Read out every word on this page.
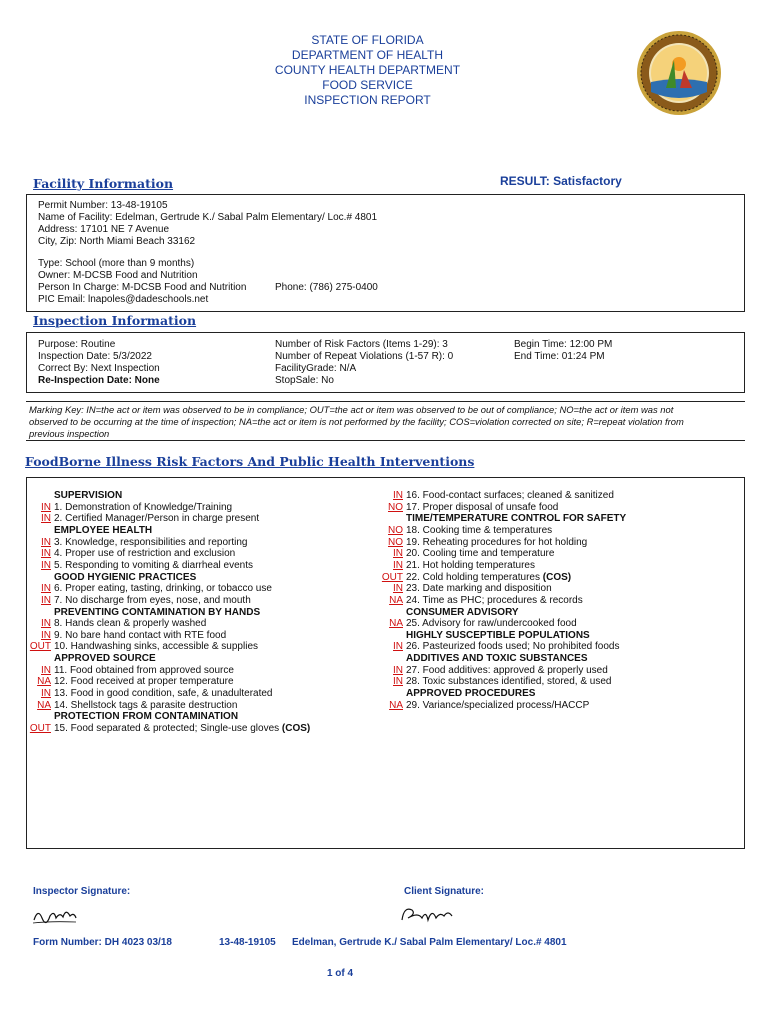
STATE OF FLORIDA
DEPARTMENT OF HEALTH
COUNTY HEALTH DEPARTMENT
FOOD SERVICE
INSPECTION REPORT
Facility Information	RESULT: Satisfactory
Permit Number: 13-48-19105
Name of Facility: Edelman, Gertrude K./ Sabal Palm Elementary/ Loc.# 4801
Address: 17101 NE 7 Avenue
City, Zip: North Miami Beach 33162
Type: School (more than 9 months)
Owner: M-DCSB Food and Nutrition
Person In Charge: M-DCSB Food and Nutrition
PIC Email: lnapoles@dadeschools.net
Phone: (786) 275-0400
Inspection Information
Purpose: Routine
Inspection Date: 5/3/2022
Correct By: Next Inspection
Re-Inspection Date: None
Number of Risk Factors (Items 1-29): 3
Number of Repeat Violations (1-57 R): 0
FacilityGrade: N/A
StopSale: No
Begin Time: 12:00 PM
End Time: 01:24 PM
Marking Key: IN=the act or item was observed to be in compliance; OUT=the act or item was observed to be out of compliance; NO=the act or item was not
observed to be occurring at the time of inspection; NA=the act or item is not performed by the facility; COS=violation corrected on site; R=repeat violation from
previous inspection
FoodBorne Illness Risk Factors And Public Health Interventions
SUPERVISION
IN 1. Demonstration of Knowledge/Training
IN 2. Certified Manager/Person in charge present
EMPLOYEE HEALTH
IN 3. Knowledge, responsibilities and reporting
IN 4. Proper use of restriction and exclusion
IN 5. Responding to vomiting & diarrheal events
GOOD HYGIENIC PRACTICES
IN 6. Proper eating, tasting, drinking, or tobacco use
IN 7. No discharge from eyes, nose, and mouth
PREVENTING CONTAMINATION BY HANDS
IN 8. Hands clean & properly washed
IN 9. No bare hand contact with RTE food
OUT 10. Handwashing sinks, accessible & supplies
APPROVED SOURCE
IN 11. Food obtained from approved source
NA 12. Food received at proper temperature
IN 13. Food in good condition, safe, & unadulterated
NA 14. Shellstock tags & parasite destruction
PROTECTION FROM CONTAMINATION
OUT 15. Food separated & protected; Single-use gloves (COS)
IN 16. Food-contact surfaces; cleaned & sanitized
NO 17. Proper disposal of unsafe food
TIME/TEMPERATURE CONTROL FOR SAFETY
NO 18. Cooking time & temperatures
NO 19. Reheating procedures for hot holding
IN 20. Cooling time and temperature
IN 21. Hot holding temperatures
OUT 22. Cold holding temperatures (COS)
IN 23. Date marking and disposition
NA 24. Time as PHC; procedures & records
CONSUMER ADVISORY
NA 25. Advisory for raw/undercooked food
HIGHLY SUSCEPTIBLE POPULATIONS
IN 26. Pasteurized foods used; No prohibited foods
ADDITIVES AND TOXIC SUBSTANCES
IN 27. Food additives: approved & properly used
IN 28. Toxic substances identified, stored, & used
APPROVED PROCEDURES
NA 29. Variance/specialized process/HACCP
Inspector Signature:	Client Signature:
Form Number: DH 4023 03/18	13-48-19105 Edelman, Gertrude K./ Sabal Palm Elementary/ Loc.# 4801
1 of 4
